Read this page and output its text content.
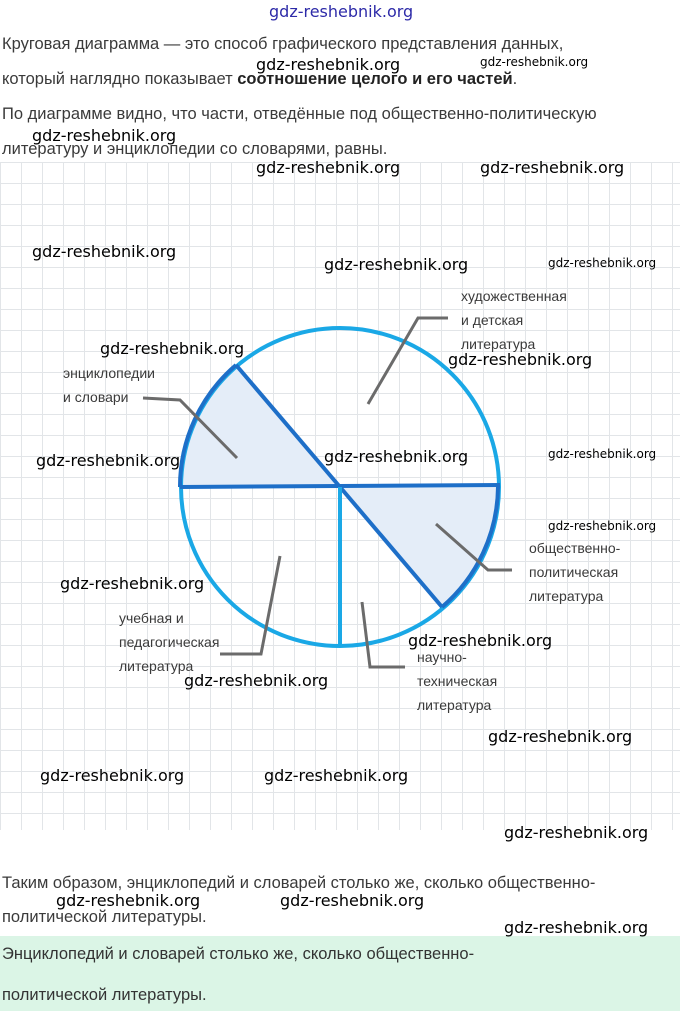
gdz-reshebnik.org
Круговая диаграмма — это способ графического представления данных,
который наглядно показывает соотношение целого и его частей.
По диаграмме видно, что части, отведённые под общественно-политическую
литературу и энциклопедии со словарями, равны.
художественная
и детская
литература
энциклопедии
и словари
общественно-
политическая
литература
научно-
техническая
литература
учебная и
педагогическая
литература
Таким образом, энциклопедий и словарей столько же, сколько общественно-
политической литературы.
Энциклопедий и словарей столько же, сколько общественно-
политической литературы.
gdz-reshebnik.org	gdz-reshebnik.org
gdz-reshebnik.org
gdz-reshebnik.org	gdz-reshebnik.org
gdz-reshebnik.org
gdz-reshebnik.org	gdz-reshebnik.org
gdz-reshebnik.org
gdz-reshebnik.org
gdz-reshebnik.org	gdz-reshebnik.org	gdz-reshebnik.org
gdz-reshebnik.org
gdz-reshebnik.org
gdz-reshebnik.org
gdz-reshebnik.org
gdz-reshebnik.org
gdz-reshebnik.org	gdz-reshebnik.org
gdz-reshebnik.org
gdz-reshebnik.org	gdz-reshebnik.org
gdz-reshebnik.org
